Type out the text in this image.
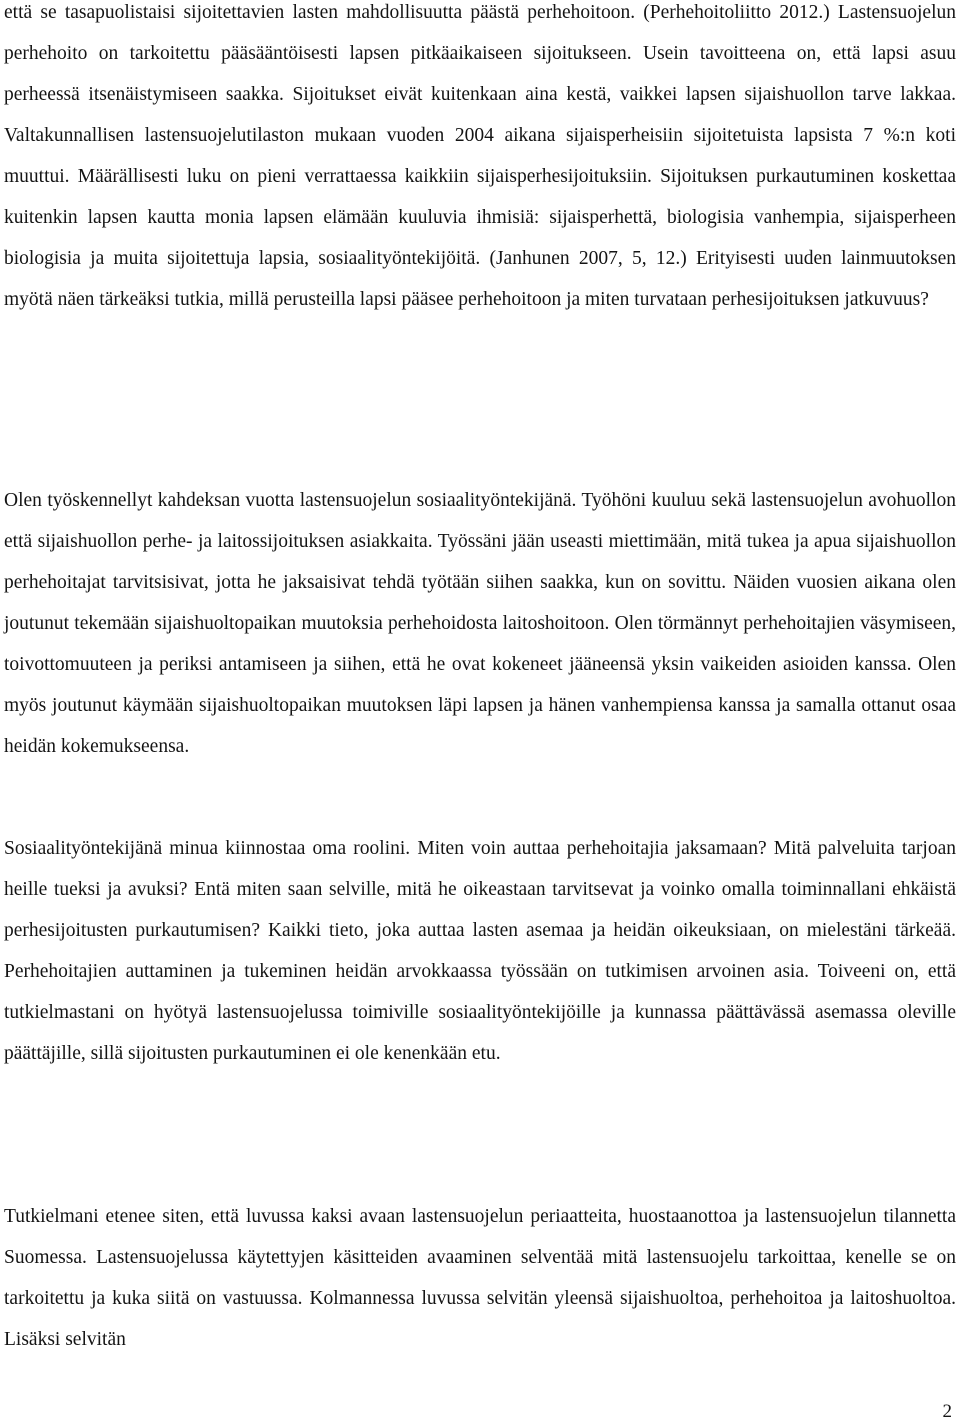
että se tasapuolistaisi sijoitettavien lasten mahdollisuutta päästä perhehoitoon. (Perhehoitoliitto 2012.) Lastensuojelun perhehoito on tarkoitettu pääsääntöisesti lapsen pitkäaikaiseen sijoitukseen. Usein tavoitteena on, että lapsi asuu perheessä itsenäistymiseen saakka. Sijoitukset eivät kuitenkaan aina kestä, vaikkei lapsen sijaishuollon tarve lakkaa. Valtakunnallisen lastensuojelutilaston mukaan vuoden 2004 aikana sijaisperheisiin sijoitetuista lapsista 7 %:n koti muuttui. Määrällisesti luku on pieni verrattaessa kaikkiin sijaisperhesijoituksiin. Sijoituksen purkautuminen koskettaa kuitenkin lapsen kautta monia lapsen elämään kuuluvia ihmisiä: sijaisperhettä, biologisia vanhempia, sijaisperheen biologisia ja muita sijoitettuja lapsia, sosiaalityöntekijöitä. (Janhunen 2007, 5, 12.) Erityisesti uuden lainmuutoksen myötä näen tärkeäksi tutkia, millä perusteilla lapsi pääsee perhehoitoon ja miten turvataan perhesijoituksen jatkuvuus?

Olen työskennellyt kahdeksan vuotta lastensuojelun sosiaalityöntekijänä. Työhöni kuuluu sekä lastensuojelun avohuollon että sijaishuollon perhe- ja laitossijoituksen asiakkaita. Työssäni jään useasti miettimään, mitä tukea ja apua sijaishuollon perhehoitajat tarvitsisivat, jotta he jaksaisivat tehdä työtään siihen saakka, kun on sovittu. Näiden vuosien aikana olen joutunut tekemään sijaishuoltopaikan muutoksia perhehoidosta laitoshoitoon. Olen törmännyt perhehoitajien väsymiseen, toivottomuuteen ja periksi antamiseen ja siihen, että he ovat kokeneet jääneensä yksin vaikeiden asioiden kanssa. Olen myös joutunut käymään sijaishuoltopaikan muutoksen läpi lapsen ja hänen vanhempiensa kanssa ja samalla ottanut osaa heidän kokemukseensa.

Sosiaalityöntekijänä minua kiinnostaa oma roolini. Miten voin auttaa perhehoitajia jaksamaan? Mitä palveluita tarjoan heille tueksi ja avuksi? Entä miten saan selville, mitä he oikeastaan tarvitsevat ja voinko omalla toiminnallani ehkäistä perhesijoitusten purkautumisen? Kaikki tieto, joka auttaa lasten asemaa ja heidän oikeuksiaan, on mielestäni tärkeää. Perhehoitajien auttaminen ja tukeminen heidän arvokkaassa työssään on tutkimisen arvoinen asia. Toiveeni on, että tutkielmastani on hyötyä lastensuojelussa toimiville sosiaalityöntekijöille ja kunnassa päättävässä asemassa oleville päättäjille, sillä sijoitusten purkautuminen ei ole kenenkään etu.

Tutkielmani etenee siten, että luvussa kaksi avaan lastensuojelun periaatteita, huostaanottoa ja lastensuojelun tilannetta Suomessa. Lastensuojelussa käytettyjen käsitteiden avaaminen selventää mitä lastensuojelu tarkoittaa, kenelle se on tarkoitettu ja kuka siitä on vastuussa. Kolmannessa luvussa selvitän yleensä sijaishuoltoa, perhehoitoa ja laitoshuoltoa. Lisäksi selvitän

2
